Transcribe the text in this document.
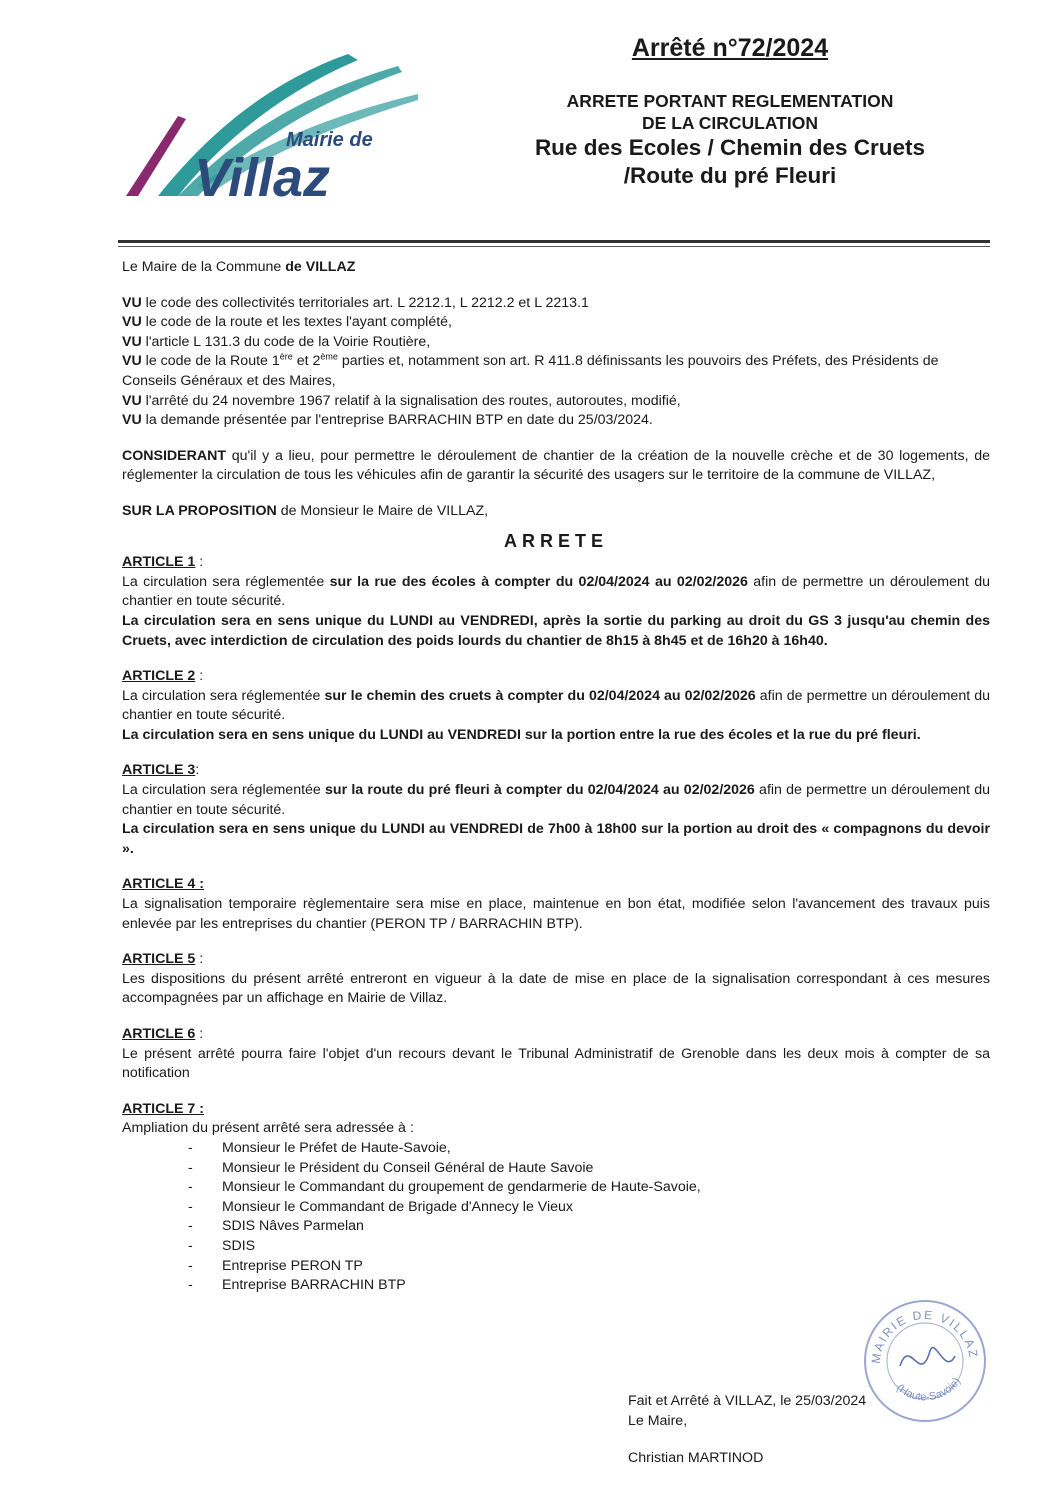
Mairie de
Villaz
Arrêté n°72/2024

ARRETE PORTANT REGLEMENTATION

DE LA CIRCULATION

Rue des Ecoles / Chemin des Cruets

/Route du pré Fleuri

Le Maire de la Commune de VILLAZ

VU le code des collectivités territoriales art. L 2212.1, L 2212.2 et L 2213.1

VU le code de la route et les textes l'ayant complété,

VU l'article L 131.3 du code de la Voirie Routière,

VU le code de la Route 1ère et 2ème parties et, notamment son art. R 411.8 définissants les pouvoirs des Préfets, des Présidents de Conseils Généraux et des Maires,

VU l'arrêté du 24 novembre 1967 relatif à la signalisation des routes, autoroutes, modifié,

VU la demande présentée par l'entreprise BARRACHIN BTP en date du 25/03/2024.

CONSIDERANT qu'il y a lieu, pour permettre le déroulement de chantier de la création de la nouvelle crèche et de 30 logements, de réglementer la circulation de tous les véhicules afin de garantir la sécurité des usagers sur le territoire de la commune de VILLAZ,

SUR LA PROPOSITION de Monsieur le Maire de VILLAZ,

ARRETE

ARTICLE 1 :

La circulation sera réglementée sur la rue des écoles à compter du 02/04/2024 au 02/02/2026 afin de permettre un déroulement du chantier en toute sécurité.

La circulation sera en sens unique du LUNDI au VENDREDI, après la sortie du parking au droit du GS 3 jusqu'au chemin des Cruets, avec interdiction de circulation des poids lourds du chantier de 8h15 à 8h45 et de 16h20 à 16h40.

ARTICLE 2 :

La circulation sera réglementée sur le chemin des cruets à compter du 02/04/2024 au 02/02/2026 afin de permettre un déroulement du chantier en toute sécurité.

La circulation sera en sens unique du LUNDI au VENDREDI sur la portion entre la rue des écoles et la rue du pré fleuri.

ARTICLE 3:

La circulation sera réglementée sur la route du pré fleuri à compter du 02/04/2024 au 02/02/2026 afin de permettre un déroulement du chantier en toute sécurité.

La circulation sera en sens unique du LUNDI au VENDREDI de 7h00 à 18h00 sur la portion au droit des « compagnons du devoir ».

ARTICLE 4 :

La signalisation temporaire règlementaire sera mise en place, maintenue en bon état, modifiée selon l'avancement des travaux puis enlevée par les entreprises du chantier (PERON TP / BARRACHIN BTP).

ARTICLE 5 :

Les dispositions du présent arrêté entreront en vigueur à la date de mise en place de la signalisation correspondant à ces mesures accompagnées par un affichage en Mairie de Villaz.

ARTICLE 6 :

Le présent arrêté pourra faire l'objet d'un recours devant le Tribunal Administratif de Grenoble dans les deux mois à compter de sa notification

ARTICLE 7 :

Ampliation du présent arrêté sera adressée à :

- Monsieur le Préfet de Haute-Savoie,
- Monsieur le Président du Conseil Général de Haute Savoie
- Monsieur le Commandant du groupement de gendarmerie de Haute-Savoie,
- Monsieur le Commandant de Brigade d'Annecy le Vieux
- SDIS Nâves Parmelan
- SDIS
- Entreprise PERON TP
- Entreprise BARRACHIN BTP
MAIRIE DE VILLAZ
(Haute-Savoie)
Fait et Arrêté à VILLAZ, le 25/03/2024
Le Maire,
Christian MARTINOD
